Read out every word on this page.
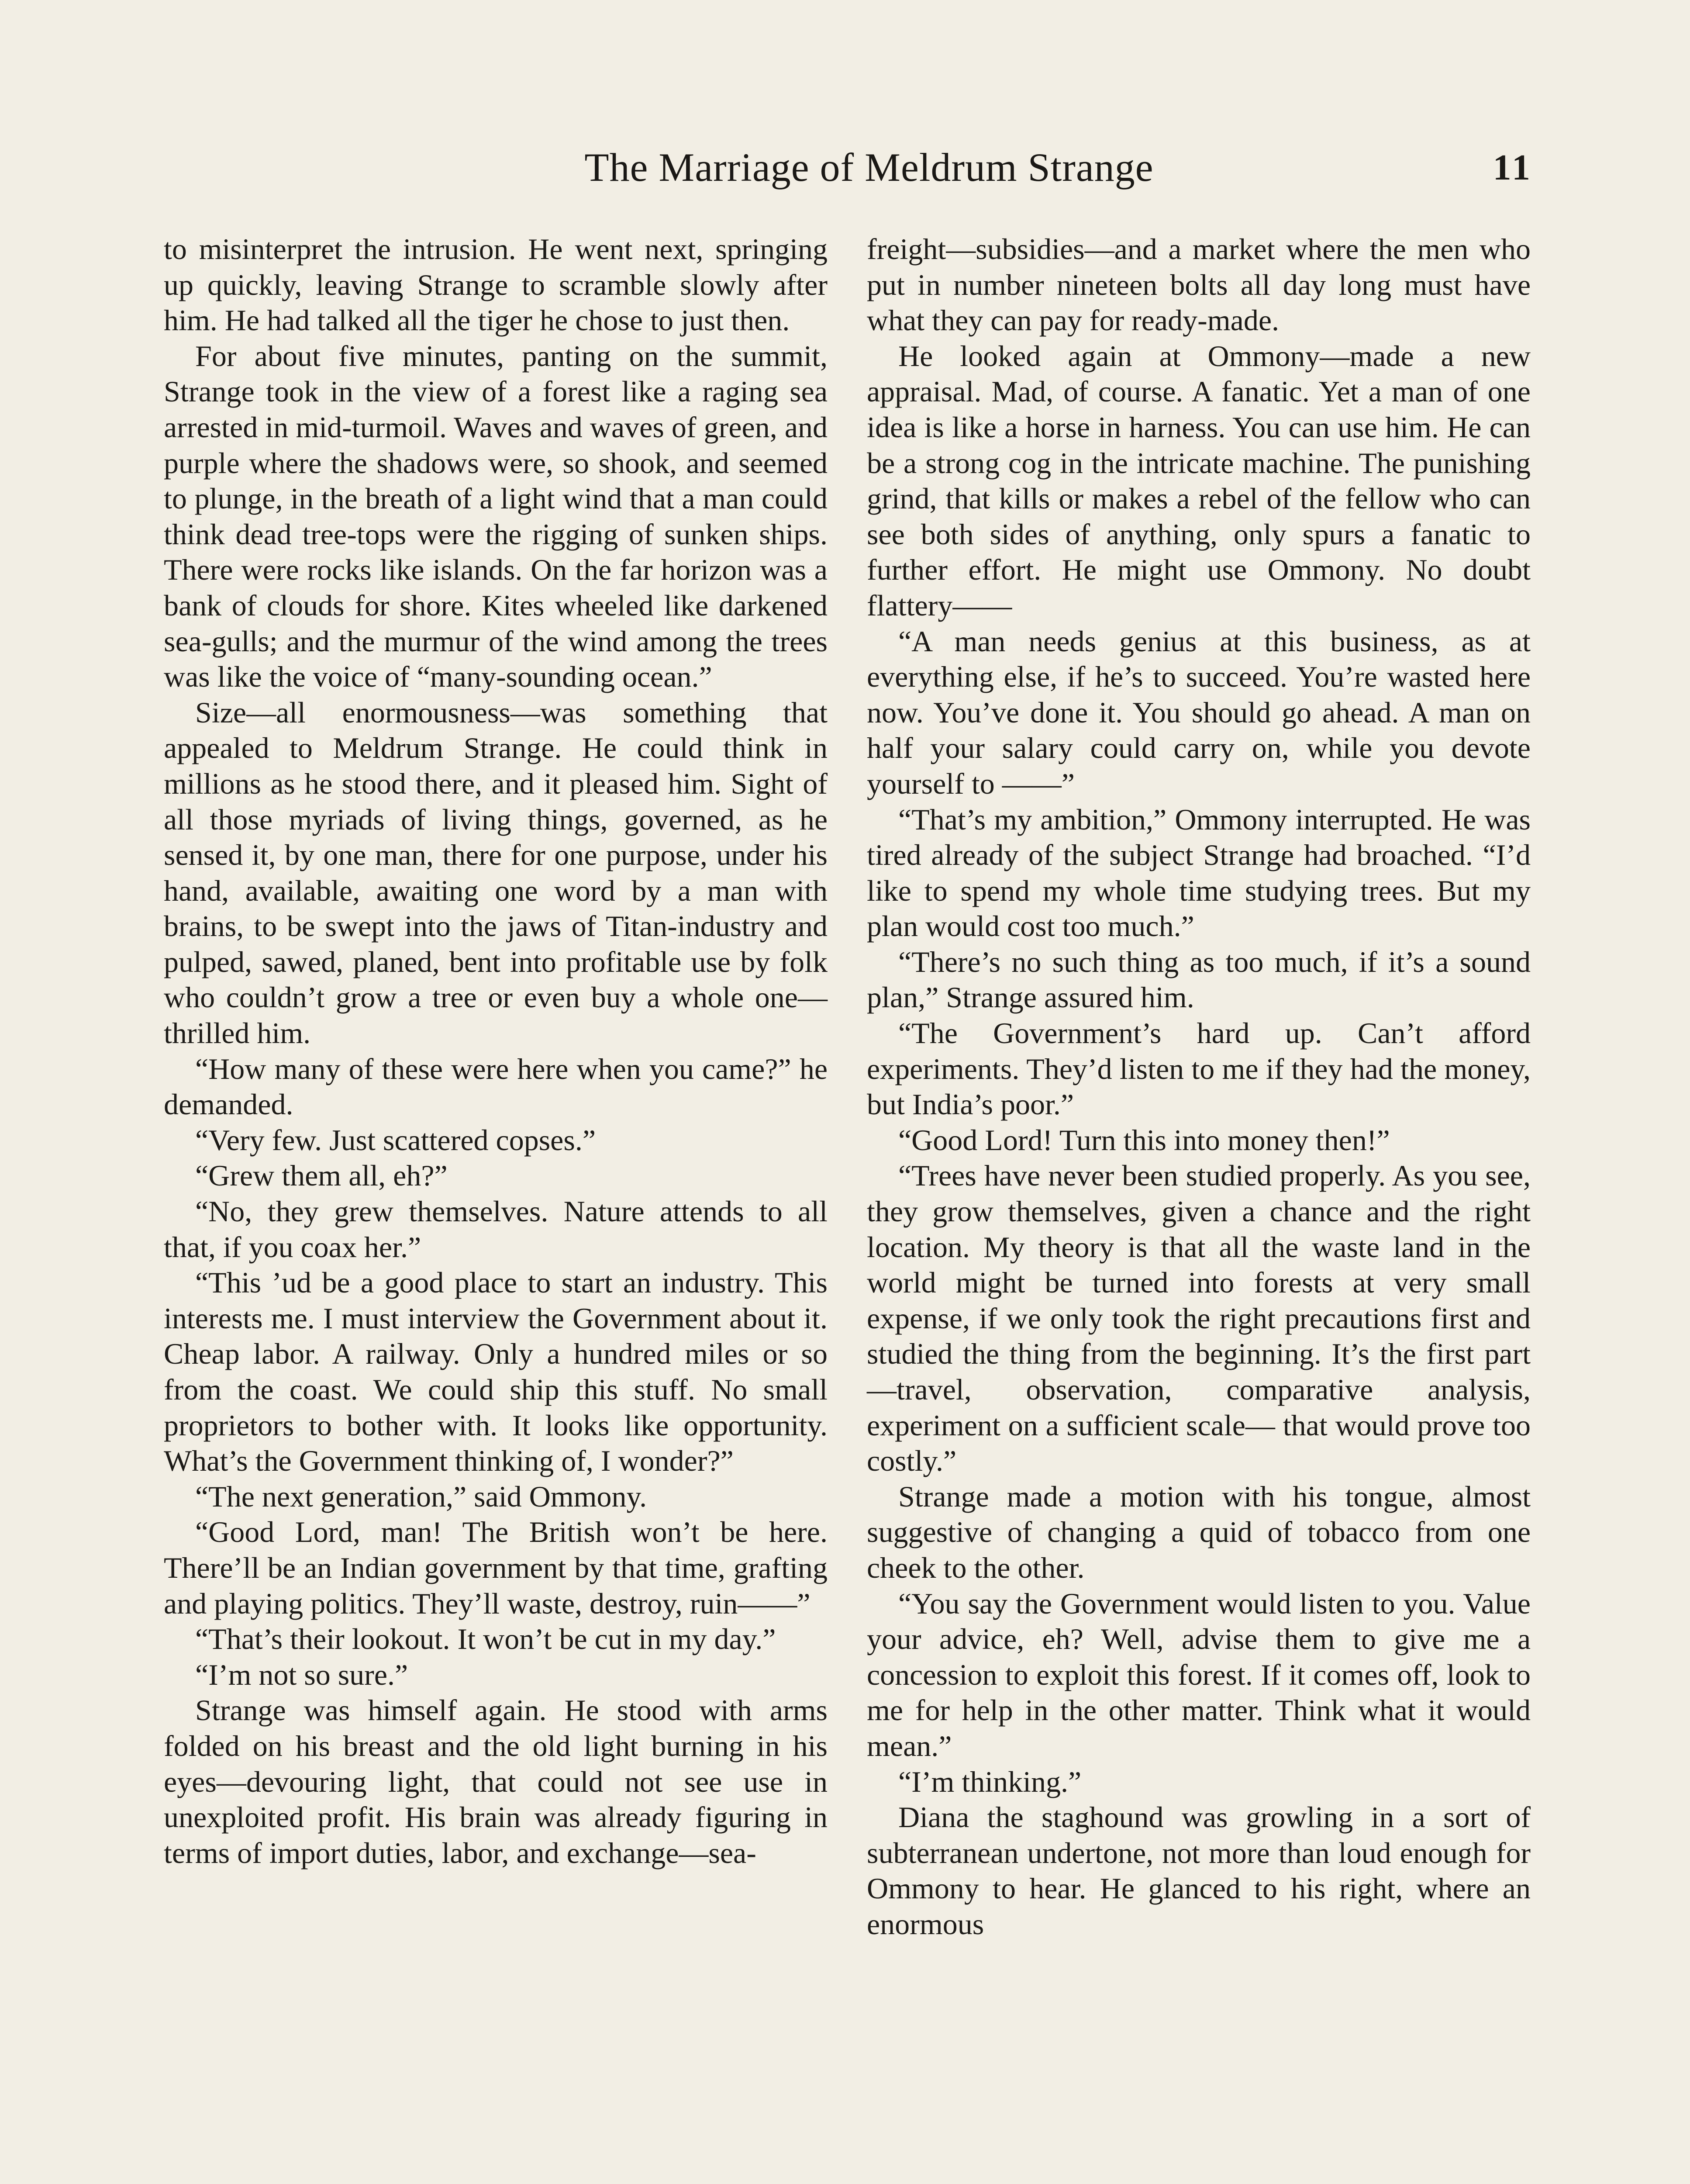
The Marriage of Meldrum Strange	11

to misinterpret the intrusion. He went next, springing up quickly, leaving Strange to scramble slowly after him. He had talked all the tiger he chose to just then.

For about five minutes, panting on the summit, Strange took in the view of a forest like a raging sea arrested in mid-turmoil. Waves and waves of green, and purple where the shadows were, so shook, and seemed to plunge, in the breath of a light wind that a man could think dead tree-tops were the rigging of sunken ships. There were rocks like islands. On the far horizon was a bank of clouds for shore. Kites wheeled like darkened sea-gulls; and the murmur of the wind among the trees was like the voice of “many-sounding ocean.”

Size—all enormousness—was something that appealed to Meldrum Strange. He could think in millions as he stood there, and it pleased him. Sight of all those myriads of living things, governed, as he sensed it, by one man, there for one purpose, under his hand, available, awaiting one word by a man with brains, to be swept into the jaws of Titan-industry and pulped, sawed, planed, bent into profitable use by folk who couldn’t grow a tree or even buy a whole one—thrilled him.

“How many of these were here when you came?” he demanded.

“Very few. Just scattered copses.”

“Grew them all, eh?”

“No, they grew themselves. Nature attends to all that, if you coax her.”

“This ’ud be a good place to start an industry. This interests me. I must interview the Government about it. Cheap labor. A railway. Only a hundred miles or so from the coast. We could ship this stuff. No small proprietors to bother with. It looks like opportunity. What’s the Government thinking of, I wonder?”

“The next generation,” said Ommony.

“Good Lord, man! The British won’t be here. There’ll be an Indian government by that time, grafting and playing politics. They’ll waste, destroy, ruin——”

“That’s their lookout. It won’t be cut in my day.”

“I’m not so sure.”

Strange was himself again. He stood with arms folded on his breast and the old light burning in his eyes—devouring light, that could not see use in unexploited profit. His brain was already figuring in terms of import duties, labor, and exchange—sea-

freight—subsidies—and a market where the men who put in number nineteen bolts all day long must have what they can pay for ready-made.

He looked again at Ommony—made a new appraisal. Mad, of course. A fanatic. Yet a man of one idea is like a horse in harness. You can use him. He can be a strong cog in the intricate machine. The punishing grind, that kills or makes a rebel of the fellow who can see both sides of anything, only spurs a fanatic to further effort. He might use Ommony. No doubt flattery——

“A man needs genius at this business, as at everything else, if he’s to succeed. You’re wasted here now. You’ve done it. You should go ahead. A man on half your salary could carry on, while you devote yourself to ——”

“That’s my ambition,” Ommony interrupted. He was tired already of the subject Strange had broached. “I’d like to spend my whole time studying trees. But my plan would cost too much.”

“There’s no such thing as too much, if it’s a sound plan,” Strange assured him.

“The Government’s hard up. Can’t afford experiments. They’d listen to me if they had the money, but India’s poor.”

“Good Lord! Turn this into money then!”

“Trees have never been studied properly. As you see, they grow themselves, given a chance and the right location. My theory is that all the waste land in the world might be turned into forests at very small expense, if we only took the right precautions first and studied the thing from the beginning. It’s the first part—travel, observation, comparative analysis, experiment on a sufficient scale— that would prove too costly.”

Strange made a motion with his tongue, almost suggestive of changing a quid of tobacco from one cheek to the other.

“You say the Government would listen to you. Value your advice, eh? Well, advise them to give me a concession to exploit this forest. If it comes off, look to me for help in the other matter. Think what it would mean.”

“I’m thinking.”

Diana the staghound was growling in a sort of subterranean undertone, not more than loud enough for Ommony to hear. He glanced to his right, where an enormous
